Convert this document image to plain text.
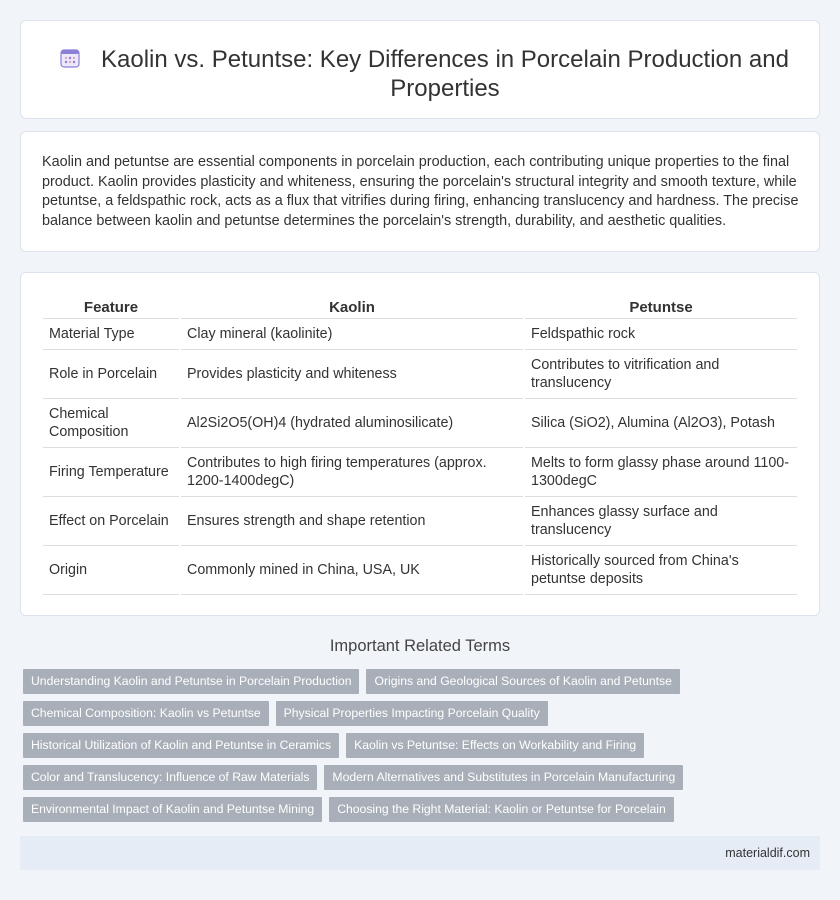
Kaolin vs. Petuntse: Key Differences in Porcelain Production and Properties

Kaolin and petuntse are essential components in porcelain production, each contributing unique properties to the final product. Kaolin provides plasticity and whiteness, ensuring the porcelain's structural integrity and smooth texture, while petuntse, a feldspathic rock, acts as a flux that vitrifies during firing, enhancing translucency and hardness. The precise balance between kaolin and petuntse determines the porcelain's strength, durability, and aesthetic qualities.

Feature	Kaolin	Petuntse
Material Type	Clay mineral (kaolinite)	Feldspathic rock
Role in Porcelain	Provides plasticity and whiteness	Contributes to vitrification and translucency
Chemical Composition	Al2Si2O5(OH)4 (hydrated aluminosilicate)	Silica (SiO2), Alumina (Al2O3), Potash
Firing Temperature	Contributes to high firing temperatures (approx. 1200-1400degC)	Melts to form glassy phase around 1100-1300degC
Effect on Porcelain	Ensures strength and shape retention	Enhances glassy surface and translucency
Origin	Commonly mined in China, USA, UK	Historically sourced from China's petuntse deposits
Important Related Terms
Understanding Kaolin and Petuntse in Porcelain Production	Origins and Geological Sources of Kaolin and Petuntse
Chemical Composition: Kaolin vs Petuntse	Physical Properties Impacting Porcelain Quality
Historical Utilization of Kaolin and Petuntse in Ceramics	Kaolin vs Petuntse: Effects on Workability and Firing
Color and Translucency: Influence of Raw Materials	Modern Alternatives and Substitutes in Porcelain Manufacturing
Environmental Impact of Kaolin and Petuntse Mining	Choosing the Right Material: Kaolin or Petuntse for Porcelain
materialdif.com
